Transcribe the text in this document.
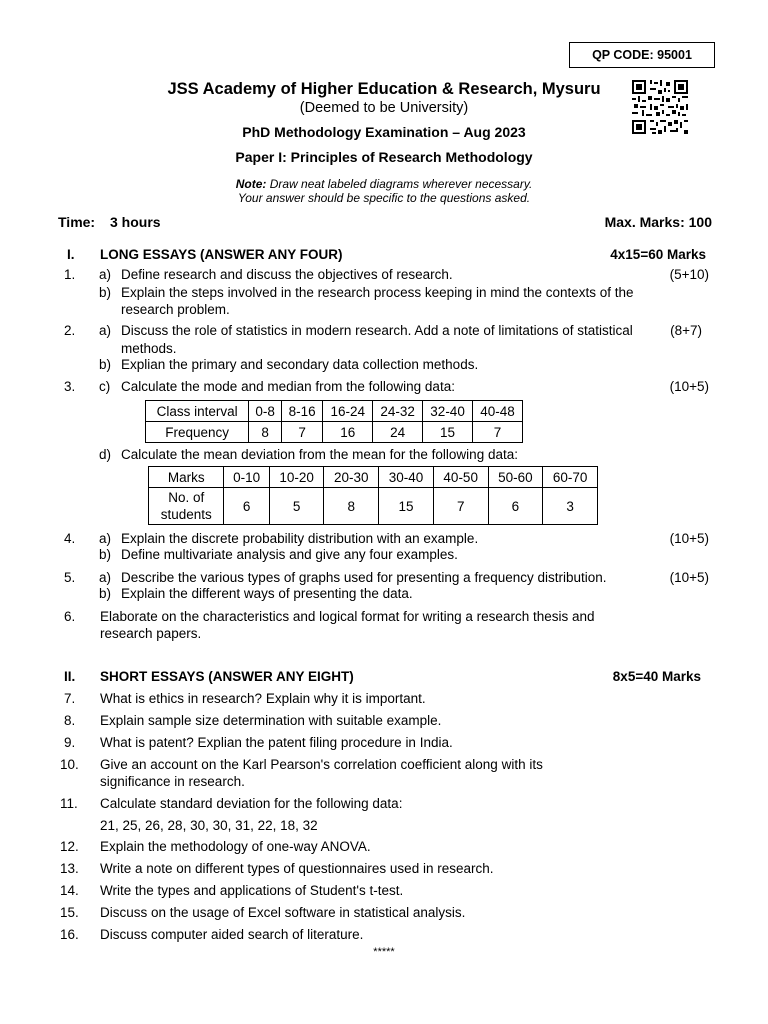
QP CODE: 95001
JSS Academy of Higher Education & Research, Mysuru
(Deemed to be University)
PhD Methodology Examination – Aug 2023
Paper I: Principles of Research Methodology
Note: Draw neat labeled diagrams wherever necessary.
Your answer should be specific to the questions asked.
Time: 3 hours	Max. Marks: 100
I. LONG ESSAYS (ANSWER ANY FOUR)	4x15=60 Marks
1. a) Define research and discuss the objectives of research.	(5+10)
b) Explain the steps involved in the research process keeping in mind the contexts of the
research problem.
2. a) Discuss the role of statistics in modern research. Add a note of limitations of statistical	(8+7)
methods.
b) Explian the primary and secondary data collection methods.
3. c) Calculate the mode and median from the following data:	(10+5)
Class interval	0-8	8-16	16-24	24-32	32-40	40-48
Frequency	8	7	16	24	15	7
d) Calculate the mean deviation from the mean for the following data:
Marks	0-10	10-20	20-30	30-40	40-50	50-60	60-70

No. of
students	6	5	8	15	7	6	3
4. a) Explain the discrete probability distribution with an example.	(10+5)
b) Define multivariate analysis and give any four examples.
5. a) Describe the various types of graphs used for presenting a frequency distribution.	(10+5)
b) Explain the different ways of presenting the data.
6. Elaborate on the characteristics and logical format for writing a research thesis and
research papers.
II. SHORT ESSAYS (ANSWER ANY EIGHT)	8x5=40 Marks
7. What is ethics in research? Explain why it is important.
8. Explain sample size determination with suitable example.
9. What is patent? Explian the patent filing procedure in India.
10. Give an account on the Karl Pearson's correlation coefficient along with its
significance in research.
11. Calculate standard deviation for the following data:
21, 25, 26, 28, 30, 30, 31, 22, 18, 32
12. Explain the methodology of one-way ANOVA.
13. Write a note on different types of questionnaires used in research.
14. Write the types and applications of Student's t-test.
15. Discuss on the usage of Excel software in statistical analysis.
16. Discuss computer aided search of literature.
*****
